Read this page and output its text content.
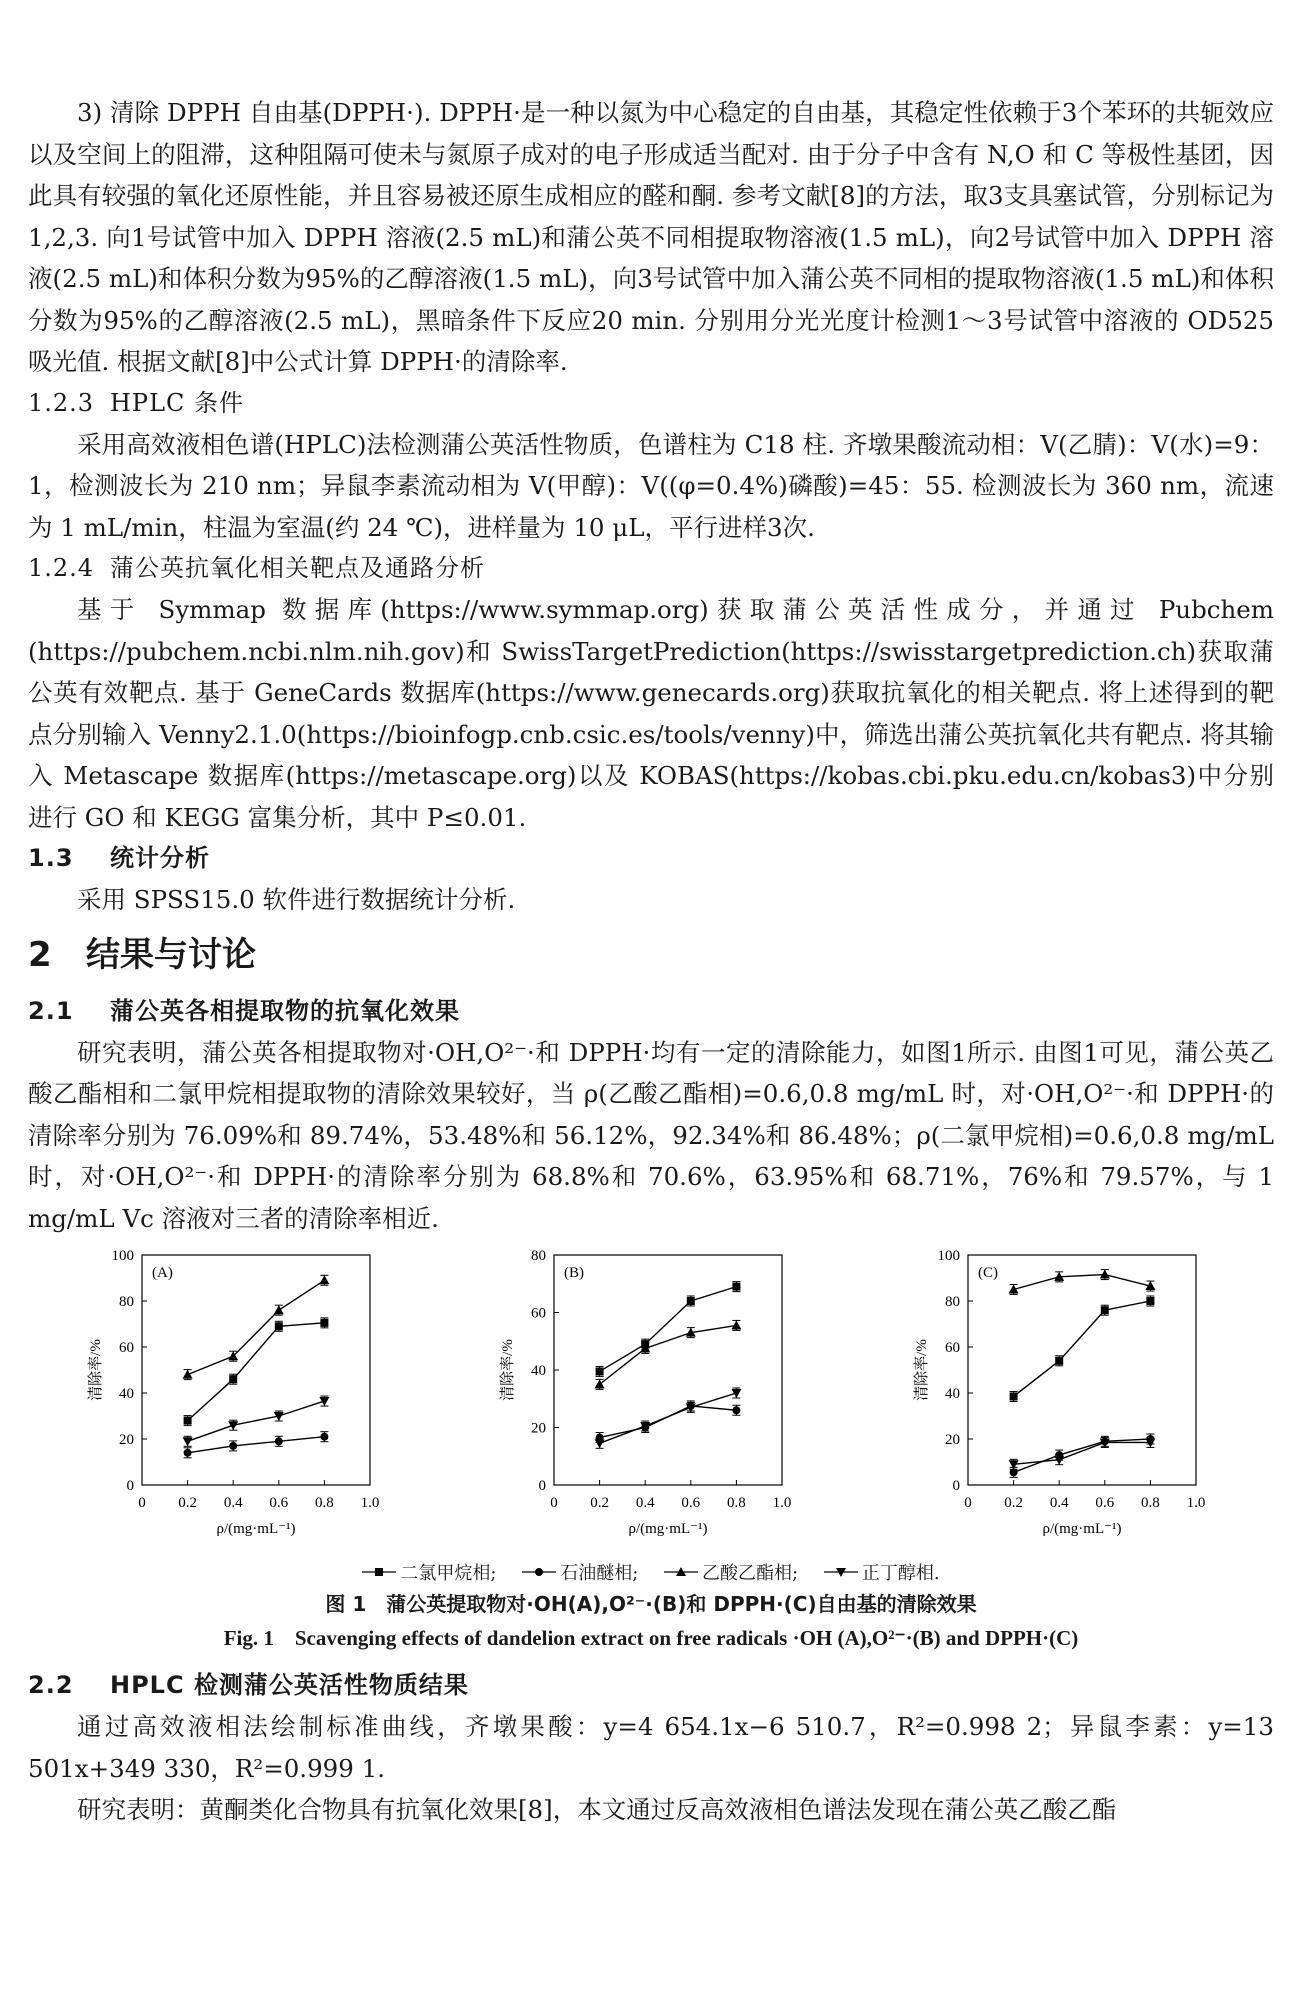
3) 清除 DPPH 自由基(DPPH·). DPPH·是一种以氮为中心稳定的自由基，其稳定性依赖于3个苯环的共轭效应以及空间上的阻滞，这种阻隔可使未与氮原子成对的电子形成适当配对. 由于分子中含有 N,O 和 C 等极性基团，因此具有较强的氧化还原性能，并且容易被还原生成相应的醛和酮. 参考文献[8]的方法，取3支具塞试管，分别标记为1,2,3. 向1号试管中加入 DPPH 溶液(2.5 mL)和蒲公英不同相提取物溶液(1.5 mL)，向2号试管中加入 DPPH 溶液(2.5 mL)和体积分数为95%的乙醇溶液(1.5 mL)，向3号试管中加入蒲公英不同相的提取物溶液(1.5 mL)和体积分数为95%的乙醇溶液(2.5 mL)，黑暗条件下反应20 min. 分别用分光光度计检测1～3号试管中溶液的 OD525 吸光值. 根据文献[8]中公式计算 DPPH·的清除率.

1.2.3 HPLC 条件

采用高效液相色谱(HPLC)法检测蒲公英活性物质，色谱柱为 C18 柱. 齐墩果酸流动相：V(乙腈)：V(水)=9：1，检测波长为 210 nm；异鼠李素流动相为 V(甲醇)：V((φ=0.4%)磷酸)=45：55. 检测波长为 360 nm，流速为 1 mL/min，柱温为室温(约 24 ℃)，进样量为 10 μL，平行进样3次.

1.2.4 蒲公英抗氧化相关靶点及通路分析

基于 Symmap 数据库(https://www.symmap.org)获取蒲公英活性成分，并通过 Pubchem (https://pubchem.ncbi.nlm.nih.gov)和 SwissTargetPrediction(https://swisstargetprediction.ch)获取蒲公英有效靶点. 基于 GeneCards 数据库(https://www.genecards.org)获取抗氧化的相关靶点. 将上述得到的靶点分别输入 Venny2.1.0(https://bioinfogp.cnb.csic.es/tools/venny)中，筛选出蒲公英抗氧化共有靶点. 将其输入 Metascape 数据库(https://metascape.org)以及 KOBAS(https://kobas.cbi.pku.edu.cn/kobas3)中分别进行 GO 和 KEGG 富集分析，其中 P≤0.01.

1.3 统计分析

采用 SPSS15.0 软件进行数据统计分析.

2 结果与讨论
2.1 蒲公英各相提取物的抗氧化效果

研究表明，蒲公英各相提取物对·OH,O²⁻·和 DPPH·均有一定的清除能力，如图1所示. 由图1可见，蒲公英乙酸乙酯相和二氯甲烷相提取物的清除效果较好，当 ρ(乙酸乙酯相)=0.6,0.8 mg/mL 时，对·OH,O²⁻·和 DPPH·的清除率分别为 76.09%和 89.74%，53.48%和 56.12%，92.34%和 86.48%；ρ(二氯甲烷相)=0.6,0.8 mg/mL 时，对·OH,O²⁻·和 DPPH·的清除率分别为 68.8%和 70.6%，63.95%和 68.71%，76%和 79.57%，与 1 mg/mL Vc 溶液对三者的清除率相近.

0
20
40
60
80
100
0 0.2 0.4 0.6 0.8 1.0
(A)
清除率/%
ρ/(mg·mL⁻¹)
0
20
40
60
80
0 0.2 0.4 0.6 0.8 1.0
(B)
清除率/%
ρ/(mg·mL⁻¹)
0
20
40
60
80
100
0 0.2 0.4 0.6 0.8 1.0
(C)
清除率/%
ρ/(mg·mL⁻¹)
二氯甲烷相;
	石油醚相;
	乙酸乙酯相;
	正丁醇相.
图 1　蒲公英提取物对·OH(A),O²⁻·(B)和 DPPH·(C)自由基的清除效果
Fig. 1　Scavenging effects of dandelion extract on free radicals ·OH (A),O²⁻·(B) and DPPH·(C)
2.2 HPLC 检测蒲公英活性物质结果

通过高效液相法绘制标准曲线，齐墩果酸：y=4 654.1x−6 510.7，R²=0.998 2；异鼠李素：y=13 501x+349 330，R²=0.999 1.

研究表明：黄酮类化合物具有抗氧化效果[8]，本文通过反高效液相色谱法发现在蒲公英乙酸乙酯
